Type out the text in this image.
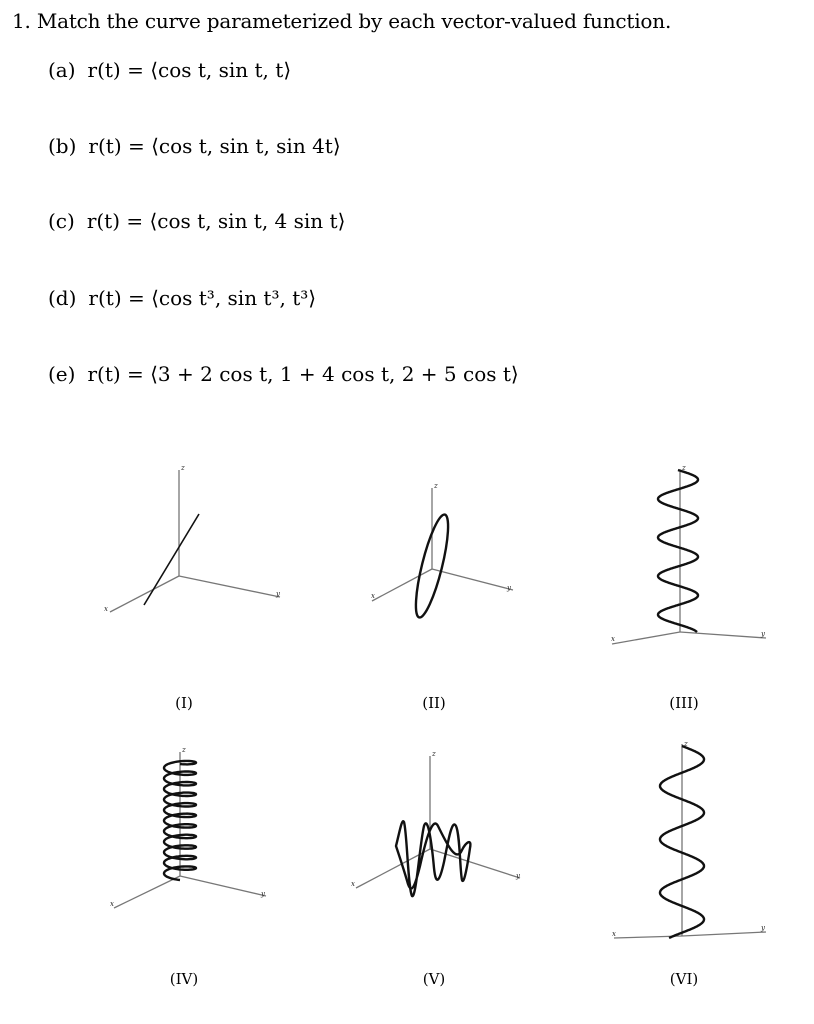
1. Match the curve parameterized by each vector-valued function.
(a) r(t) = ⟨cos t, sin t, t⟩
(b) r(t) = ⟨cos t, sin t, sin 4t⟩
(c) r(t) = ⟨cos t, sin t, 4 sin t⟩
(d) r(t) = ⟨cos t³, sin t³, t³⟩
(e) r(t) = ⟨3 + 2 cos t, 1 + 4 cos t, 2 + 5 cos t⟩
z
y
x
(I)
z
y
x
(II)
z
y
x
(III)
z
y
x
(IV)
z
y
x
(V)
z
y
x
(VI)
